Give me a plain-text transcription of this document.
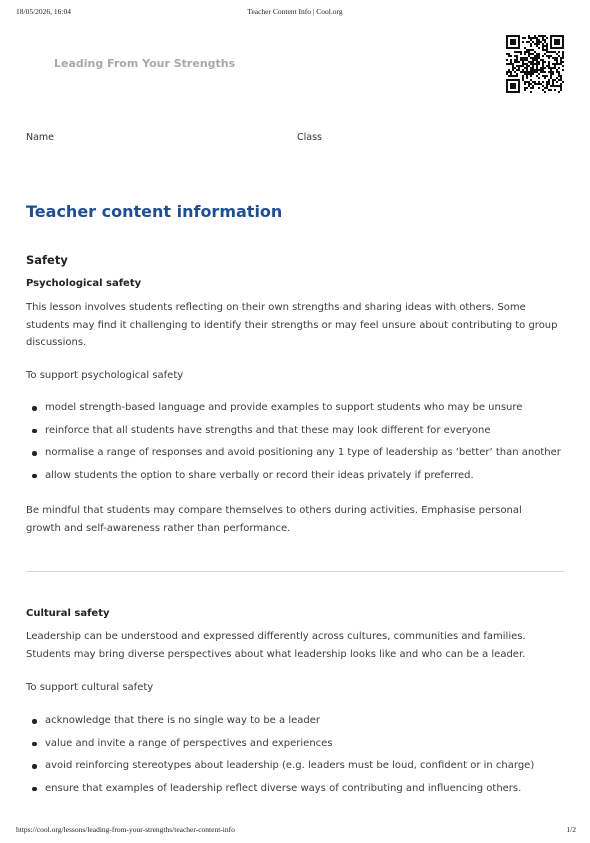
18/05/2026, 16:04	Teacher Content Info | Cool.org
Leading From Your Strengths
Name	Class
Teacher content information
Safety
Psychological safety

This lesson involves students reflecting on their own strengths and sharing ideas with others. Some students may find it challenging to identify their strengths or may feel unsure about contributing to group discussions.

To support psychological safety

model strength-based language and provide examples to support students who may be unsure
reinforce that all students have strengths and that these may look different for everyone
normalise a range of responses and avoid positioning any 1 type of leadership as ‘better’ than another
allow students the option to share verbally or record their ideas privately if preferred.

Be mindful that students may compare themselves to others during activities. Emphasise personal growth and self-awareness rather than performance.

Cultural safety

Leadership can be understood and expressed differently across cultures, communities and families. Students may bring diverse perspectives about what leadership looks like and who can be a leader.

To support cultural safety

acknowledge that there is no single way to be a leader
value and invite a range of perspectives and experiences
avoid reinforcing stereotypes about leadership (e.g. leaders must be loud, confident or in charge)
ensure that examples of leadership reflect diverse ways of contributing and influencing others.
https://cool.org/lessons/leading-from-your-strengths/teacher-content-info	1/2
